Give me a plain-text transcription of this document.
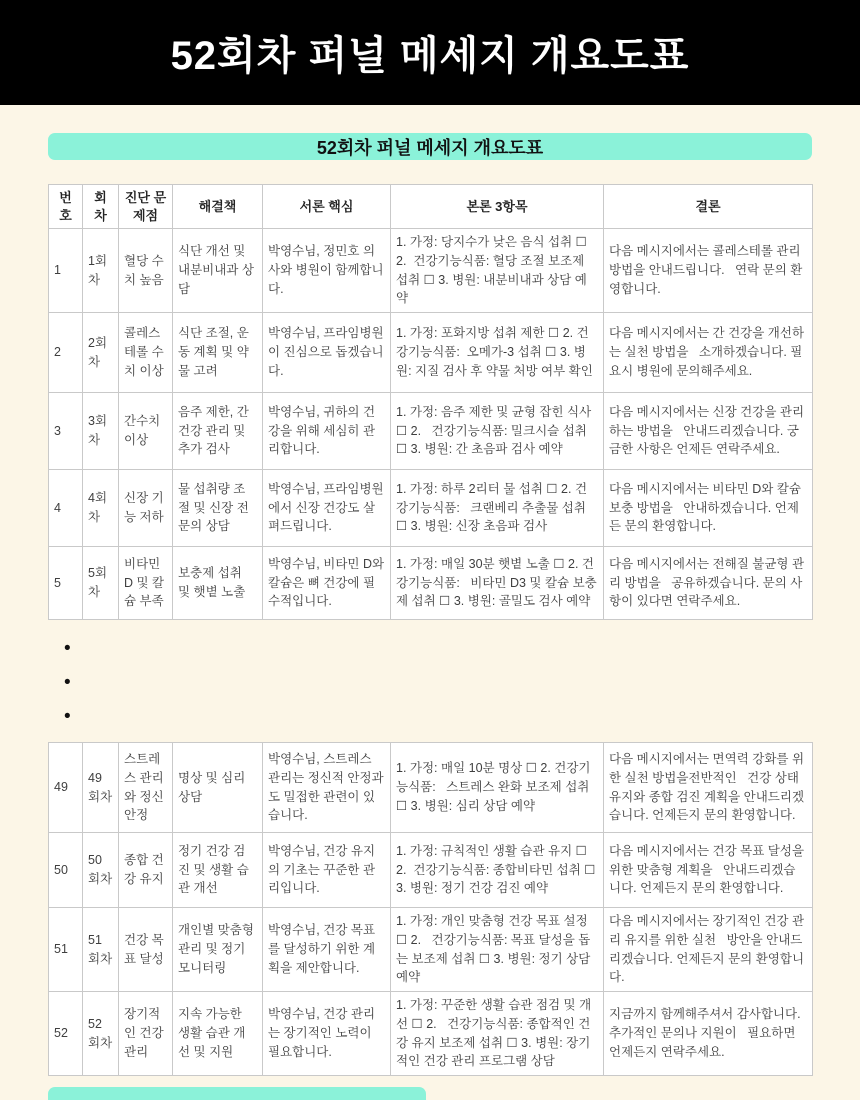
52회차 퍼널 메세지 개요도표
52회차 퍼널 메세지 개요도표
번호	회차	진단 문제점	해결책	서론 핵심	본론 3항목	결론
1	1회차	혈당 수치 높음	식단 개선 및 내분비내과 상담	박영수님, 정민호 의사와 병원이 함께합니다.	1. 가정: 당지수가 낮은 음식 섭취 ☐ 2.  건강기능식품: 혈당 조절 보조제 섭취 ☐ 3. 병원: 내분비내과 상담 예약	다음 메시지에서는 콜레스테롤 관리 방법을 안내드립니다.   연락 문의 환영합니다.
2	2회차	콜레스테롤 수치 이상	식단 조절, 운동 계획 및 약물 고려	박영수님, 프라임병원이 진심으로 돕겠습니다.	1. 가정: 포화지방 섭취 제한 ☐ 2. 건강기능식품:  오메가-3 섭취 ☐ 3. 병원: 지질 검사 후 약물 처방 여부 확인	다음 메시지에서는 간 건강을 개선하는 실천 방법을   소개하겠습니다. 필요시 병원에 문의해주세요.
3	3회차	간수치 이상	음주 제한, 간 건강 관리 및 추가 검사	박영수님, 귀하의 건강을 위해 세심히 관리합니다.	1. 가정: 음주 제한 및 균형 잡힌 식사 ☐ 2.   건강기능식품: 밀크시슬 섭취 ☐ 3. 병원: 간 초음파 검사 예약	다음 메시지에서는 신장 건강을 관리하는 방법을   안내드리겠습니다. 궁금한 사항은 언제든 연락주세요.
4	4회차	신장 기능 저하	물 섭취량 조절 및 신장 전문의 상담	박영수님, 프라임병원에서 신장 건강도 살펴드립니다.	1. 가정: 하루 2리터 물 섭취 ☐ 2. 건강기능식품:   크랜베리 추출물 섭취 ☐ 3. 병원: 신장 초음파 검사	다음 메시지에서는 비타민 D와 칼슘 보충 방법을   안내하겠습니다. 언제든 문의 환영합니다.
5	5회차	비타민 D 및 칼슘 부족	보충제 섭취 및 햇볕 노출	박영수님, 비타민 D와 칼슘은 뼈 건강에 필수적입니다.	1. 가정: 매일 30분 햇볕 노출 ☐ 2. 건강기능식품:   비타민 D3 및 칼슘 보충제 섭취 ☐ 3. 병원: 골밀도 검사 예약	다음 메시지에서는 전해질 불균형 관리 방법을   공유하겠습니다. 문의 사항이 있다면 연락주세요.
•
•
•
49	49회차	스트레스 관리와 정신 안정	명상 및 심리 상담	박영수님, 스트레스 관리는 정신적 안정과도 밀접한 관련이 있습니다.	1. 가정: 매일 10분 명상 ☐ 2. 건강기능식품:   스트레스 완화 보조제 섭취 ☐ 3. 병원: 심리 상담 예약	다음 메시지에서는 면역력 강화를 위한 실천 방법을전반적인   건강 상태 유지와 종합 검진 계획을 안내드리겠습니다. 언제든지 문의 환영합니다.
50	50회차	종합 건강 유지	정기 건강 검진 및 생활 습관 개선	박영수님, 건강 유지의 기초는 꾸준한 관리입니다.	1. 가정: 규칙적인 생활 습관 유지 ☐ 2.  건강기능식품: 종합비타민 섭취 ☐ 3. 병원: 정기 건강 검진 예약	다음 메시지에서는 건강 목표 달성을 위한 맞춤형 계획을   안내드리겠습니다. 언제든지 문의 환영합니다.
51	51회차	건강 목표 달성	개인별 맞춤형 관리 및 정기 모니터링	박영수님, 건강 목표를 달성하기 위한 계획을 제안합니다.	1. 가정: 개인 맞춤형 건강 목표 설정 ☐ 2.   건강기능식품: 목표 달성을 돕는 보조제 섭취 ☐ 3. 병원: 정기 상담 예약	다음 메시지에서는 장기적인 건강 관리 유지를 위한 실천   방안을 안내드리겠습니다. 언제든지 문의 환영합니다.
52	52회차	장기적인 건강 관리	지속 가능한 생활 습관 개선 및 지원	박영수님, 건강 관리는 장기적인 노력이 필요합니다.	1. 가정: 꾸준한 생활 습관 점검 및 개선 ☐ 2.   건강기능식품: 종합적인 건강 유지 보조제 섭취 ☐ 3. 병원: 장기적인 건강 관리 프로그램 상담	지금까지 함께해주셔서 감사합니다. 추가적인 문의나 지원이   필요하면 언제든지 연락주세요.
